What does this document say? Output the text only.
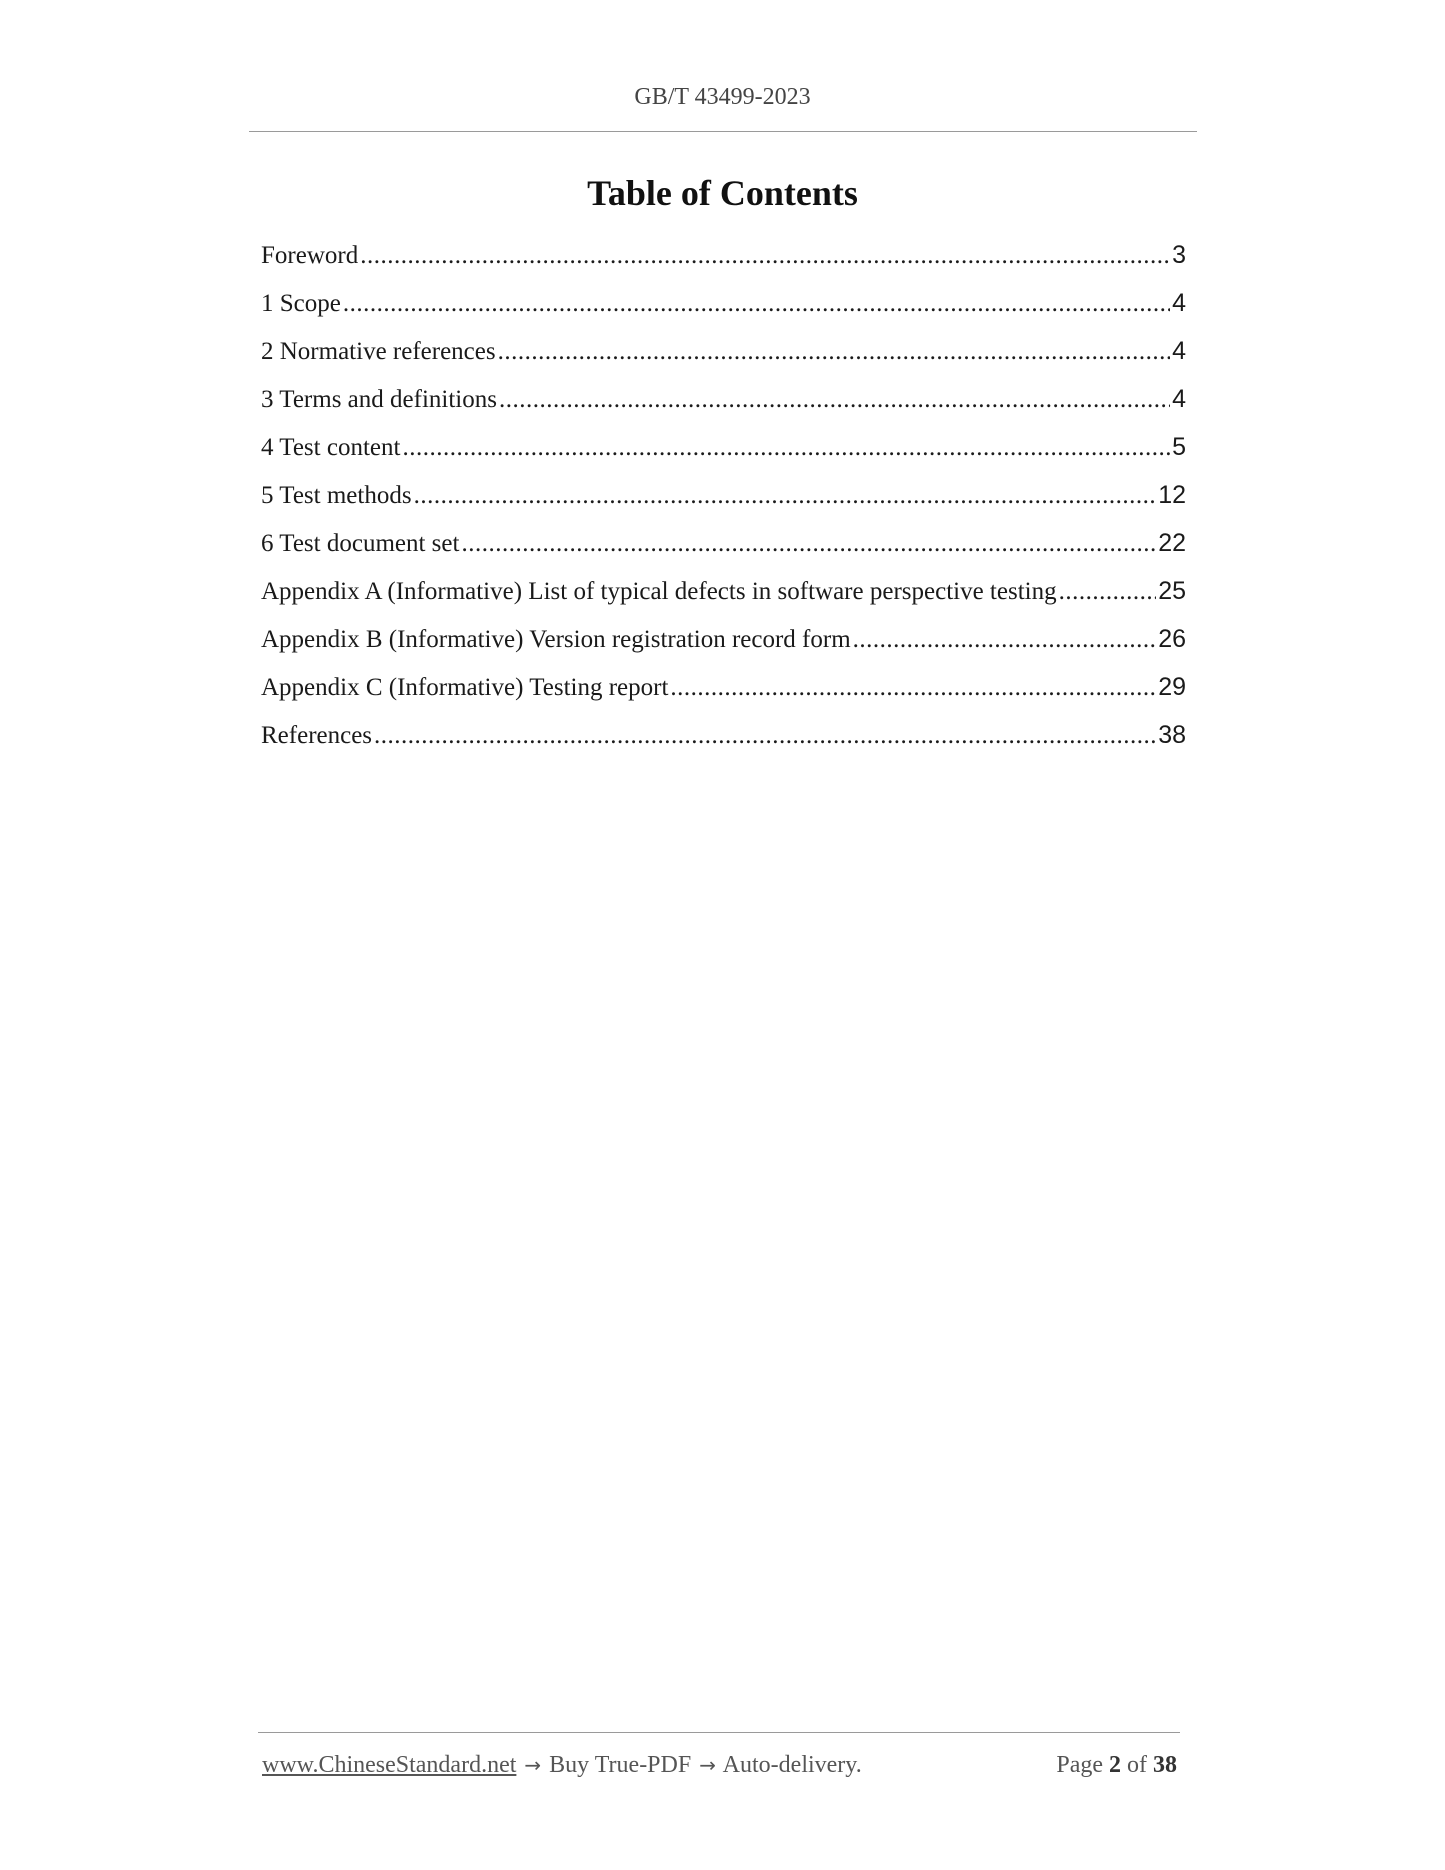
GB/T 43499-2023
Table of Contents
Foreword .....	3
1 Scope .....	4
2 Normative references .....	4
3 Terms and definitions .....	4
4 Test content .....	5
5 Test methods .....	12
6 Test document set .....	22
Appendix A (Informative) List of typical defects in software perspective testing .....	25
Appendix B (Informative) Version registration record form .....	26
Appendix C (Informative) Testing report .....	29
References .....	38
www.ChineseStandard.net → Buy True-PDF → Auto-delivery.	Page 2 of 38
